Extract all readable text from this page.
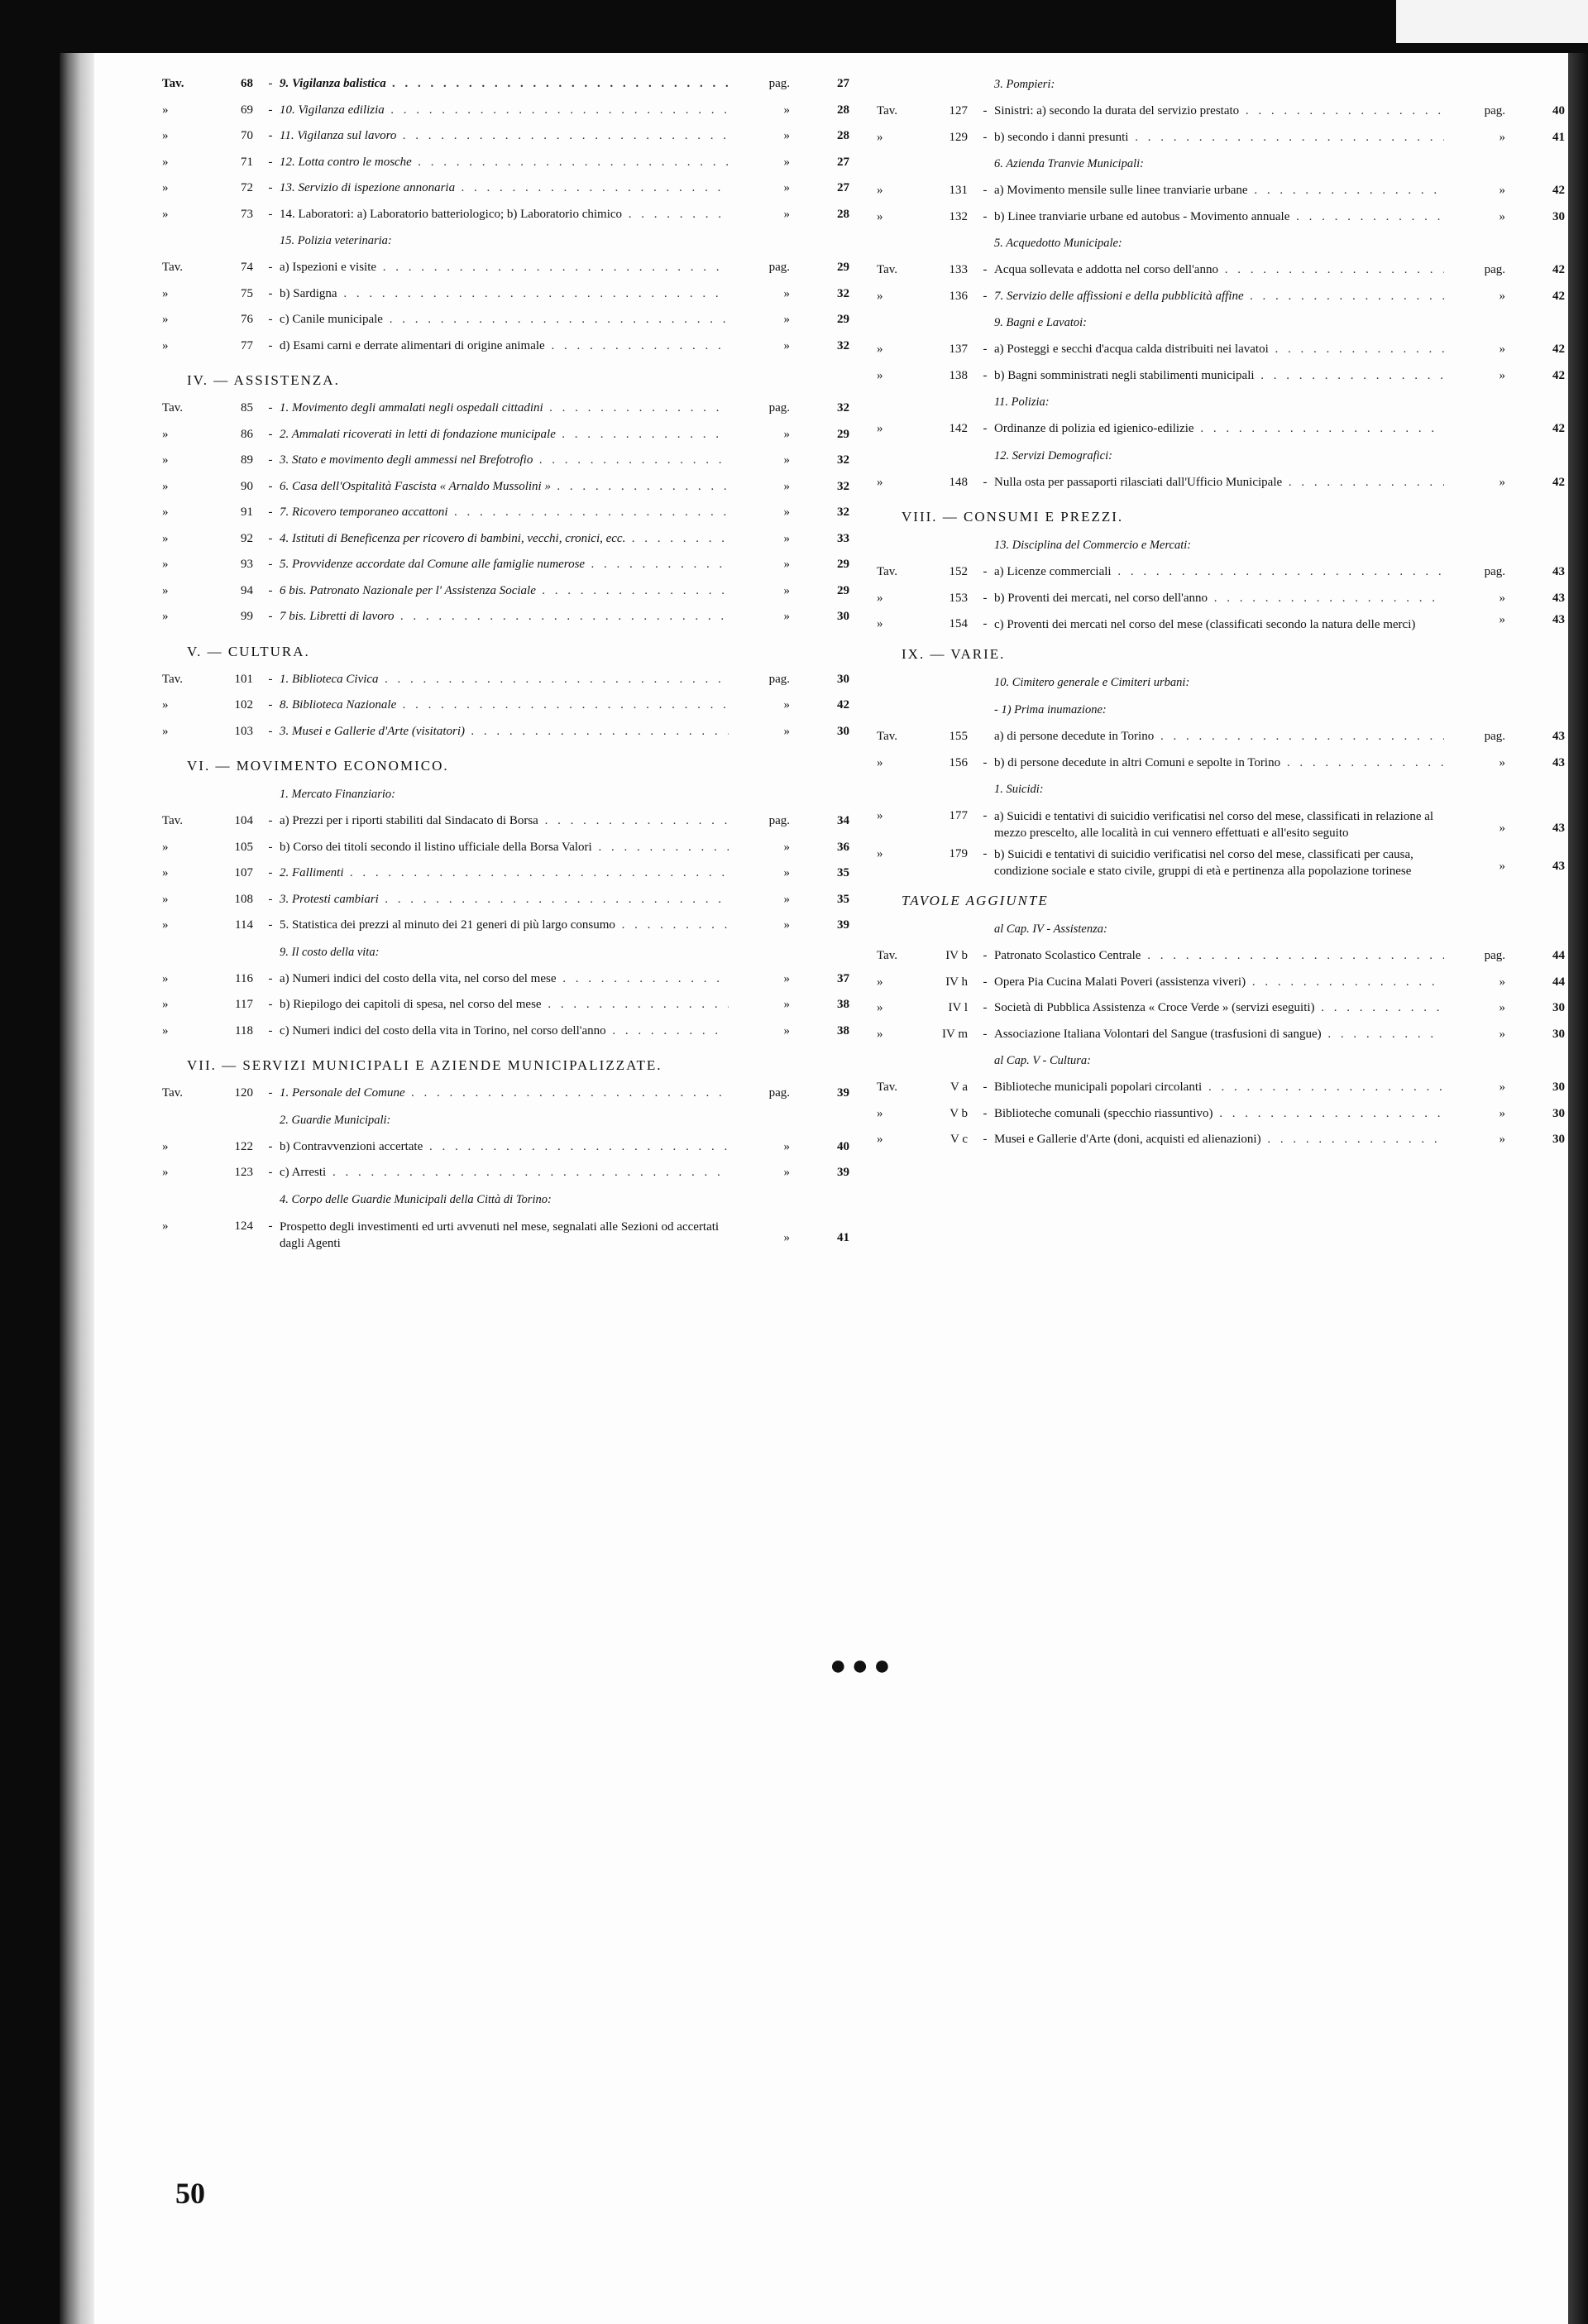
Tav.	68	- 9. Vigilanza balistica . . .	pag.	27
»	69	- 10. Vigilanza edilizia . . .	»	28
»	70	- 11. Vigilanza sul lavoro . . .	»	28
»	71	- 12. Lotta contro le mosche . . .	»	27
»	72	- 13. Servizio di ispezione annonaria . . .	»	27
»	73	- 14. Laboratori: a) Laboratorio batteriologico; b) Laboratorio chimico . . .	»	28
15. Polizia veterinaria:
Tav.	74	- a) Ispezioni e visite . . .	pag.	29
»	75	- b) Sardigna . . .	»	32
»	76	- c) Canile municipale . . .	»	29
»	77	- d) Esami carni e derrate alimentari di origine animale . . .	»	32
IV. — ASSISTENZA.
Tav.	85	- 1. Movimento degli ammalati negli ospedali cittadini . . .	pag.	32
»	86	- 2. Ammalati ricoverati in letti di fondazione municipale . . .	»	29
»	89	- 3. Stato e movimento degli ammessi nel Brefotrofio . . .	»	32
»	90	- 6. Casa dell'Ospitalità Fascista « Arnaldo Mussolini » . . .	»	32
»	91	- 7. Ricovero temporaneo accattoni . . .	»	32
»	92	- 4. Istituti di Beneficenza per ricovero di bambini, vecchi, cronici, ecc. . . .	»	33
»	93	- 5. Provvidenze accordate dal Comune alle famiglie numerose . . .	»	29
»	94	- 6 bis. Patronato Nazionale per l' Assistenza Sociale . . .	»	29
»	99	- 7 bis. Libretti di lavoro . . .	»	30
V. — CULTURA.
Tav.	101	- 1. Biblioteca Civica . . .	pag.	30
»	102	- 8. Biblioteca Nazionale . . .	»	42
»	103	- 3. Musei e Gallerie d'Arte (visitatori) . . .	»	30
VI. — MOVIMENTO ECONOMICO.
1. Mercato Finanziario:
Tav.	104	- a) Prezzi per i riporti stabiliti dal Sindacato di Borsa . . .	pag.	34
»	105	- b) Corso dei titoli secondo il listino ufficiale della Borsa Valori . . .	»	36
»	107	- 2. Fallimenti . . .	»	35
»	108	- 3. Protesti cambiari . . .	»	35
»	114	- 5. Statistica dei prezzi al minuto dei 21 generi di più largo consumo . . .	»	39
9. Il costo della vita:
»	116	- a) Numeri indici del costo della vita, nel corso del mese . . .	»	37
»	117	- b) Riepilogo dei capitoli di spesa, nel corso del mese . . .	»	38
»	118	- c) Numeri indici del costo della vita in Torino, nel corso dell'anno . . .	»	38
VII. — SERVIZI MUNICIPALI E AZIENDE MUNICIPALIZZATE.
Tav.	120	- 1. Personale del Comune . . .	pag.	39
2. Guardie Municipali:
»	122	- b) Contravvenzioni accertate . . .	»	40
»	123	- c) Arresti . . .	»	39
4. Corpo delle Guardie Municipali della Città di Torino:
»	124	- Prospetto degli investimenti ed urti avvenuti nel mese, segnalati alle Sezioni od accertati dagli Agenti	»	41
3. Pompieri:
Tav.	127	- Sinistri: a) secondo la durata del servizio prestato . . .	pag.	40
»	129	- b) secondo i danni presunti . . .	»	41
6. Azienda Tranvie Municipali:
»	131	- a) Movimento mensile sulle linee tranviarie urbane . . .	»	42
»	132	- b) Linee tranviarie urbane ed autobus - Movimento annuale . . .	»	30
5. Acquedotto Municipale:
Tav.	133	- Acqua sollevata e addotta nel corso dell'anno . . .	pag.	42
»	136	- 7. Servizio delle affissioni e della pubblicità affine . . .	»	42
9. Bagni e Lavatoi:
»	137	- a) Posteggi e secchi d'acqua calda distribuiti nei lavatoi . . .	»	42
»	138	- b) Bagni somministrati negli stabilimenti municipali . . .	»	42
11. Polizia:
»	142	- Ordinanze di polizia ed igienico-edilizie . . .	42
12. Servizi Demografici:
»	148	- Nulla osta per passaporti rilasciati dall'Ufficio Municipale . . .	»	42
VIII. — CONSUMI E PREZZI.
13. Disciplina del Commercio e Mercati:
Tav.	152	- a) Licenze commerciali . . .	pag.	43
»	153	- b) Proventi dei mercati, nel corso dell'anno . . .	»	43
»	154	- c) Proventi dei mercati nel corso del mese (classificati secondo la natura delle merci)	»	43
IX. — VARIE.
10. Cimitero generale e Cimiteri urbani:
- 1) Prima inumazione:
Tav.	155	a) di persone decedute in Torino . . .	pag.	43
»	156	- b) di persone decedute in altri Comuni e sepolte in Torino . . .	»	43
1. Suicidi:
»	177	- a) Suicidi e tentativi di suicidio verificatisi nel corso del mese, classificati in relazione al mezzo prescelto, alle località in cui vennero effettuati e all'esito seguito	»	43
»	179	- b) Suicidi e tentativi di suicidio verificatisi nel corso del mese, classificati per causa, condizione sociale e stato civile, gruppi di età e pertinenza alla popolazione torinese	»	43
TAVOLE AGGIUNTE
al Cap. IV - Assistenza:
Tav.	IV b	- Patronato Scolastico Centrale . . .	pag.	44
»	IV h	- Opera Pia Cucina Malati Poveri (assistenza viveri) . . .	»	44
»	IV l	- Società di Pubblica Assistenza « Croce Verde » (servizi eseguiti) . . .	»	30
»	IV m	- Associazione Italiana Volontari del Sangue (trasfusioni di sangue) . . .	»	30
al Cap. V - Cultura:
Tav.	V a	- Biblioteche municipali popolari circolanti . . .	»	30
»	V b	- Biblioteche comunali (specchio riassuntivo) . . .	»	30
»	V c	- Musei e Gallerie d'Arte (doni, acquisti ed alienazioni) . . .	»	30
●●●
50
